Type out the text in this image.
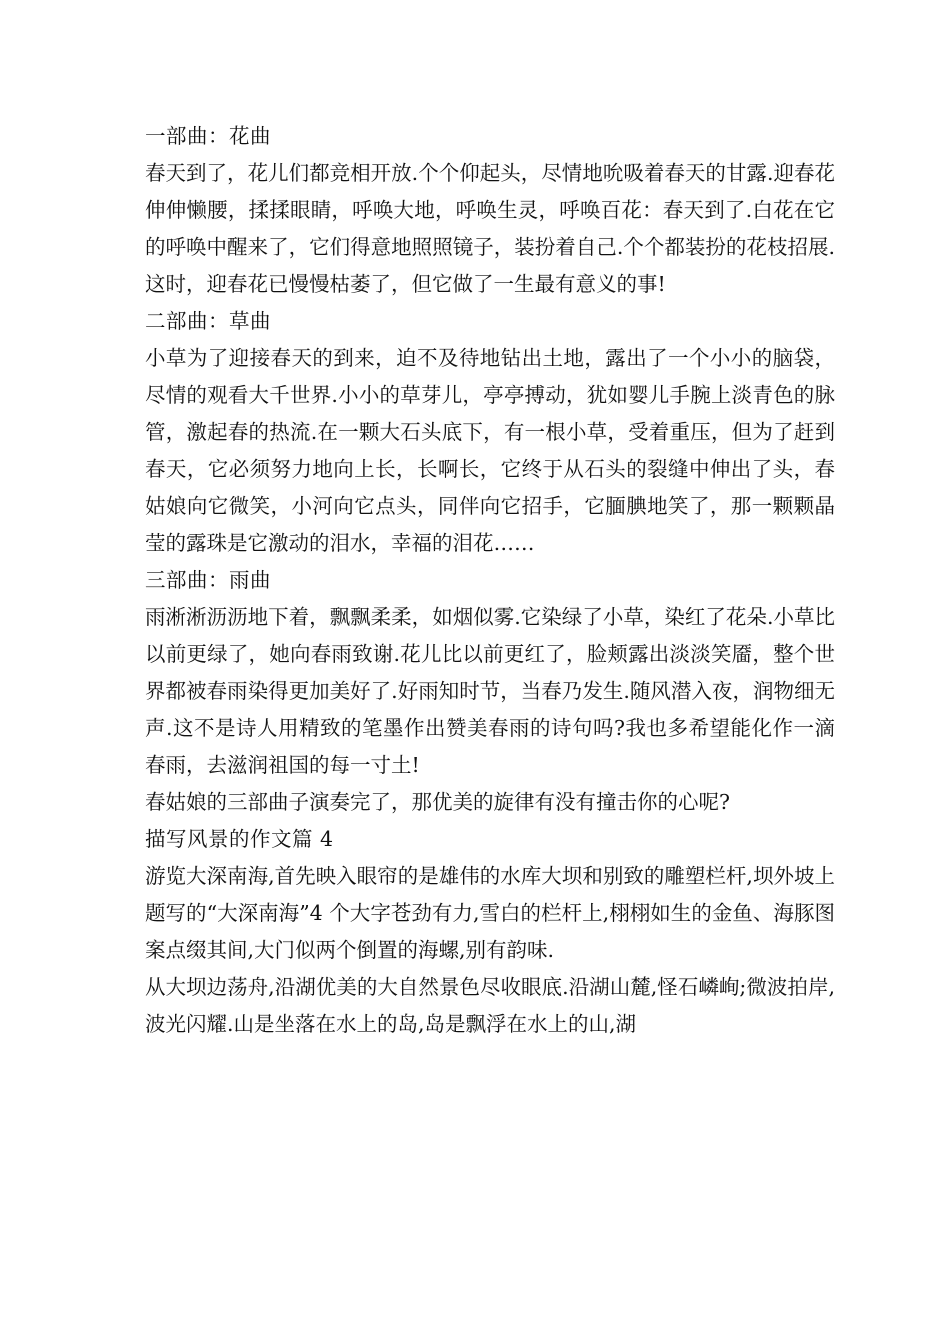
一部曲：花曲

春天到了，花儿们都竞相开放.个个仰起头，尽情地吮吸着春天的甘露.迎春花伸伸懒腰，揉揉眼睛，呼唤大地，呼唤生灵，呼唤百花：春天到了.白花在它的呼唤中醒来了，它们得意地照照镜子，装扮着自己.个个都装扮的花枝招展.这时，迎春花已慢慢枯萎了，但它做了一生最有意义的事!

二部曲：草曲

小草为了迎接春天的到来，迫不及待地钻出土地，露出了一个小小的脑袋，尽情的观看大千世界.小小的草芽儿，亭亭搏动，犹如婴儿手腕上淡青色的脉管，激起春的热流.在一颗大石头底下，有一根小草，受着重压，但为了赶到春天，它必须努力地向上长，长啊长，它终于从石头的裂缝中伸出了头，春姑娘向它微笑，小河向它点头，同伴向它招手，它腼腆地笑了，那一颗颗晶莹的露珠是它激动的泪水，幸福的泪花……

三部曲：雨曲

雨淅淅沥沥地下着，飘飘柔柔，如烟似雾.它染绿了小草，染红了花朵.小草比以前更绿了，她向春雨致谢.花儿比以前更红了，脸颊露出淡淡笑靥，整个世界都被春雨染得更加美好了.好雨知时节，当春乃发生.随风潜入夜，润物细无声.这不是诗人用精致的笔墨作出赞美春雨的诗句吗?我也多希望能化作一滴春雨，去滋润祖国的每一寸土!

春姑娘的三部曲子演奏完了，那优美的旋律有没有撞击你的心呢?

描写风景的作文篇 4

游览大深南海,首先映入眼帘的是雄伟的水库大坝和别致的雕塑栏杆,坝外坡上题写的“大深南海”4 个大字苍劲有力,雪白的栏杆上,栩栩如生的金鱼、海豚图案点缀其间,大门似两个倒置的海螺,别有韵味.

从大坝边荡舟,沿湖优美的大自然景色尽收眼底.沿湖山麓,怪石嶙峋;微波拍岸,波光闪耀.山是坐落在水上的岛,岛是飘浮在水上的山,湖
